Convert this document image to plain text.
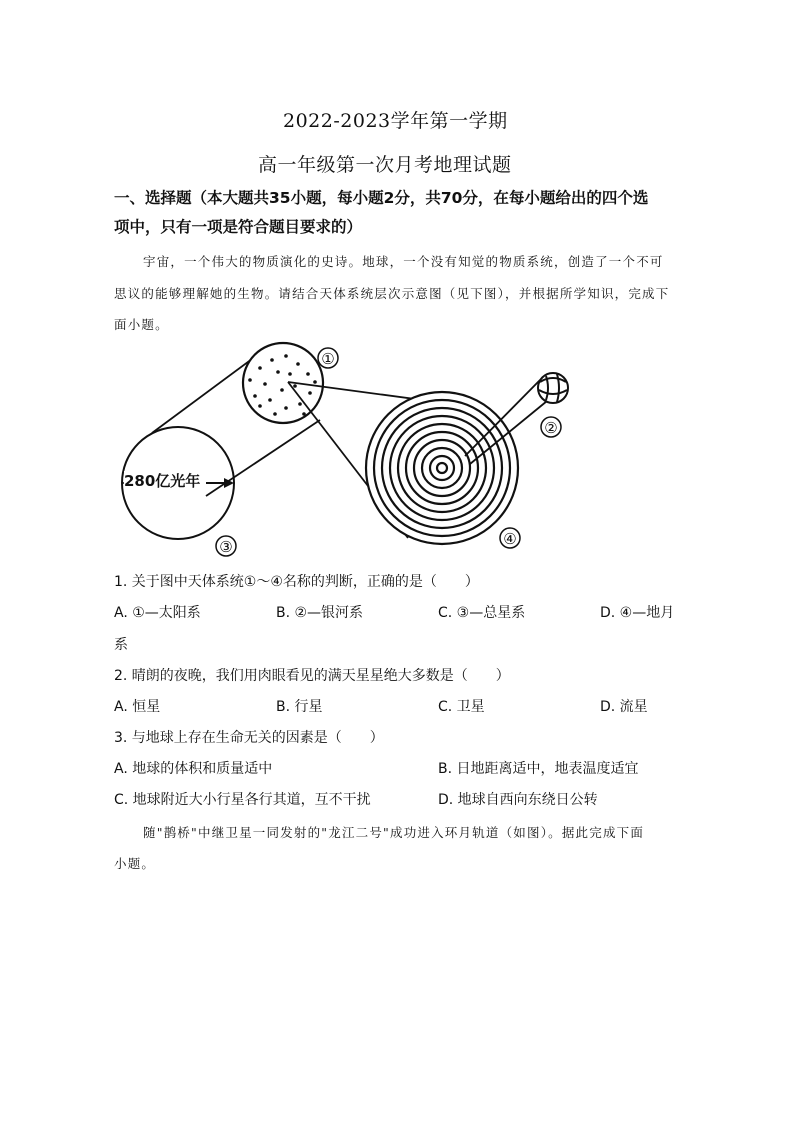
2022-2023学年第一学期
高一年级第一次月考地理试题
一、选择题（本大题共35小题，每小题2分，共70分，在每小题给出的四个选
项中，只有一项是符合题目要求的）
宇宙，一个伟大的物质演化的史诗。地球，一个没有知觉的物质系统，创造了一个不可
思议的能够理解她的生物。请结合天体系统层次示意图（见下图），并根据所学知识，完成下
面小题。
280亿光年
①
④
②
③
1. 关于图中天体系统①～④名称的判断，正确的是（　　）
A. ①—太阳系	B. ②—银河系	C. ③—总星系	D. ④—地月
系
2. 晴朗的夜晚，我们用肉眼看见的满天星星绝大多数是（　　）
A. 恒星	B. 行星	C. 卫星	D. 流星
3. 与地球上存在生命无关的因素是（　　）
A. 地球的体积和质量适中	B. 日地距离适中，地表温度适宜
C. 地球附近大小行星各行其道，互不干扰	D. 地球自西向东绕日公转
随"鹊桥"中继卫星一同发射的"龙江二号"成功进入环月轨道（如图）。据此完成下面
小题。
